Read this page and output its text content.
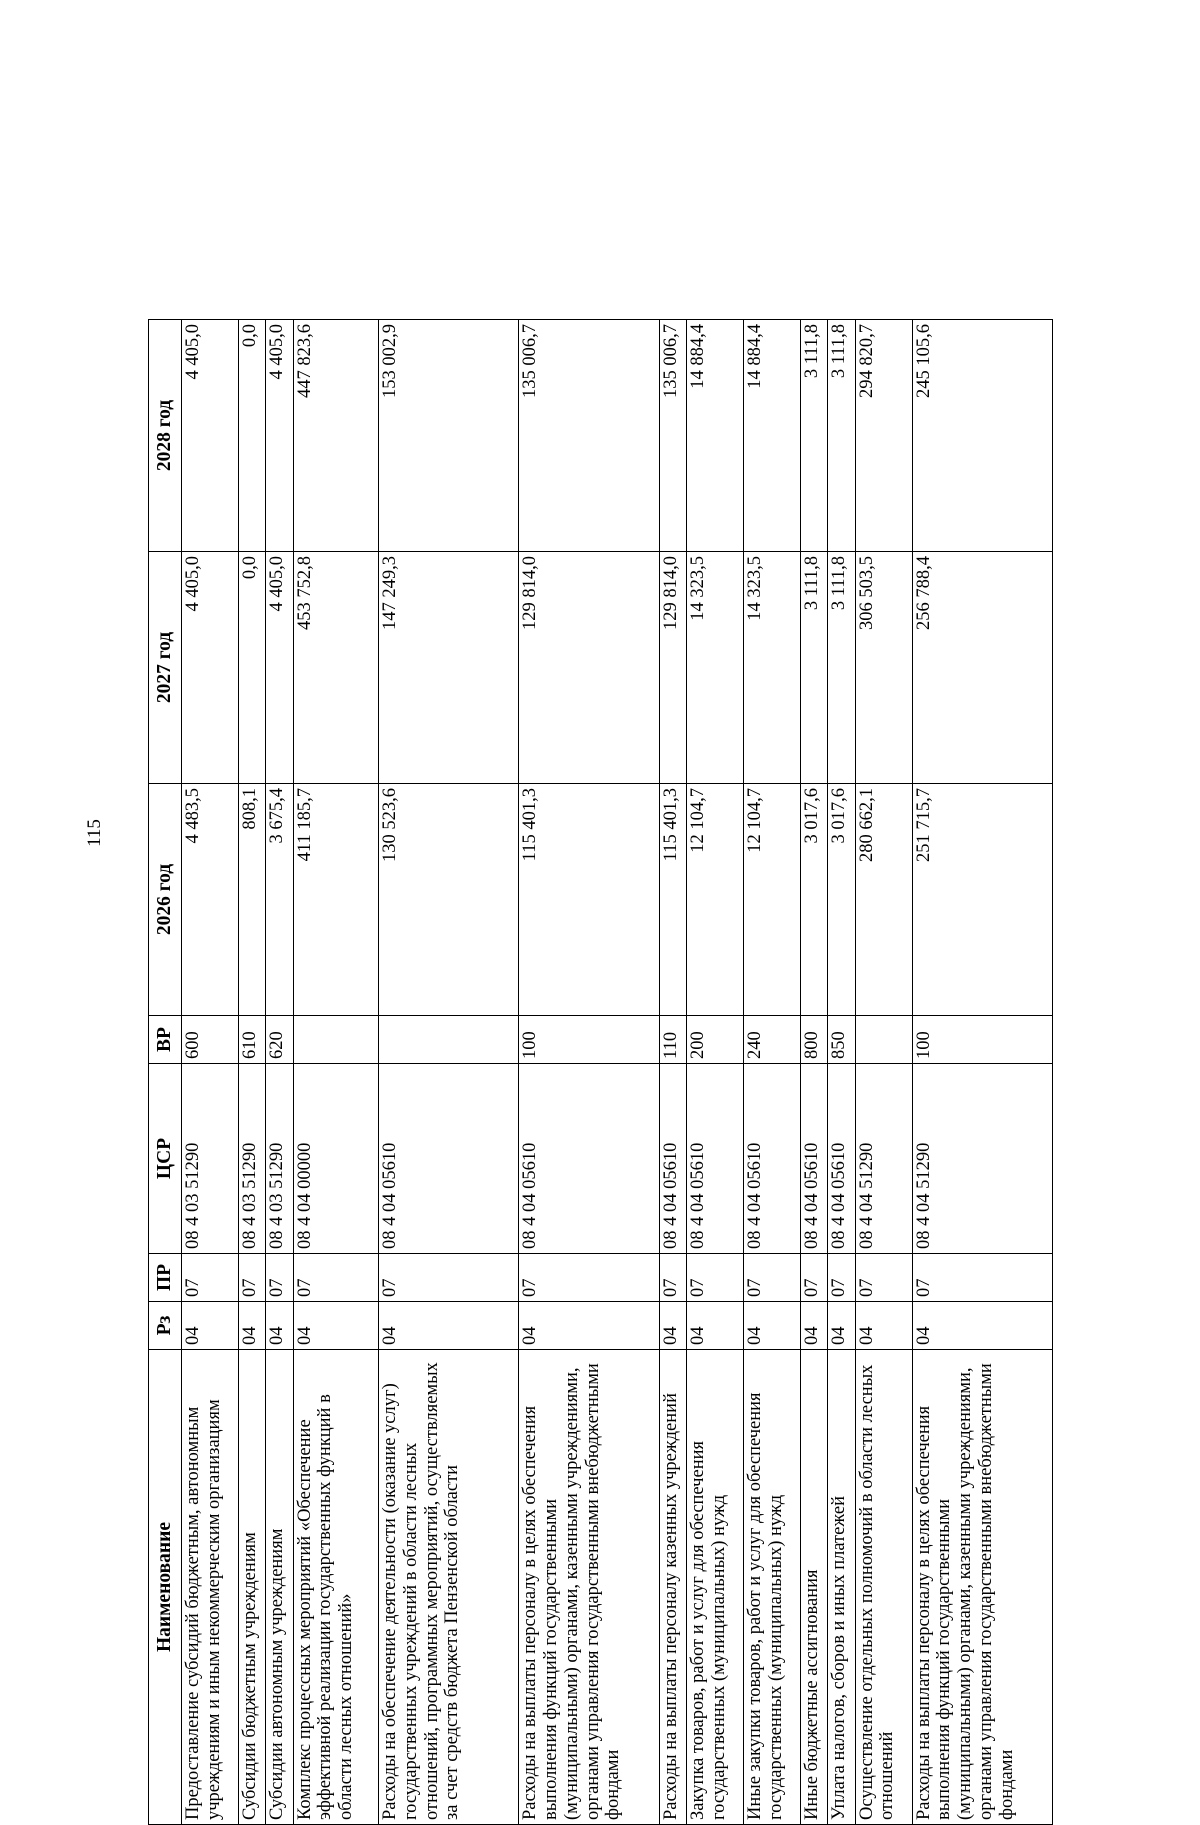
115
Наименование	Рз	ПР	ЦСР	ВР	2026 год	2027 год	2028 год
Предоставление субсидий бюджетным, автономным учреждениям и иным некоммерческим организациям	04	07	08 4 03 51290	600	4 483,5	4 405,0	4 405,0
Субсидии бюджетным учреждениям	04	07	08 4 03 51290	610	808,1	0,0	0,0
Субсидии автономным учреждениям	04	07	08 4 03 51290	620	3 675,4	4 405,0	4 405,0
Комплекс процессных мероприятий «Обеспечение эффективной реализации государственных функций в области лесных отношений»	04	07	08 4 04 00000		411 185,7	453 752,8	447 823,6
Расходы на обеспечение деятельности (оказание услуг) государственных учреждений в области лесных отношений, программных мероприятий, осуществляемых за счет средств бюджета Пензенской области	04	07	08 4 04 05610		130 523,6	147 249,3	153 002,9
Расходы на выплаты персоналу в целях обеспечения выполнения функций государственными (муниципальными) органами, казенными учреждениями, органами управления государственными внебюджетными фондами	04	07	08 4 04 05610	100	115 401,3	129 814,0	135 006,7
Расходы на выплаты персоналу казенных учреждений	04	07	08 4 04 05610	110	115 401,3	129 814,0	135 006,7
Закупка товаров, работ и услуг для обеспечения государственных (муниципальных) нужд	04	07	08 4 04 05610	200	12 104,7	14 323,5	14 884,4
Иные закупки товаров, работ и услуг для обеспечения государственных (муниципальных) нужд	04	07	08 4 04 05610	240	12 104,7	14 323,5	14 884,4
Иные бюджетные ассигнования	04	07	08 4 04 05610	800	3 017,6	3 111,8	3 111,8
Уплата налогов, сборов и иных платежей	04	07	08 4 04 05610	850	3 017,6	3 111,8	3 111,8
Осуществление отдельных полномочий в области лесных отношений	04	07	08 4 04 51290		280 662,1	306 503,5	294 820,7
Расходы на выплаты персоналу в целях обеспечения выполнения функций государственными (муниципальными) органами, казенными учреждениями, органами управления государственными внебюджетными фондами	04	07	08 4 04 51290	100	251 715,7	256 788,4	245 105,6
